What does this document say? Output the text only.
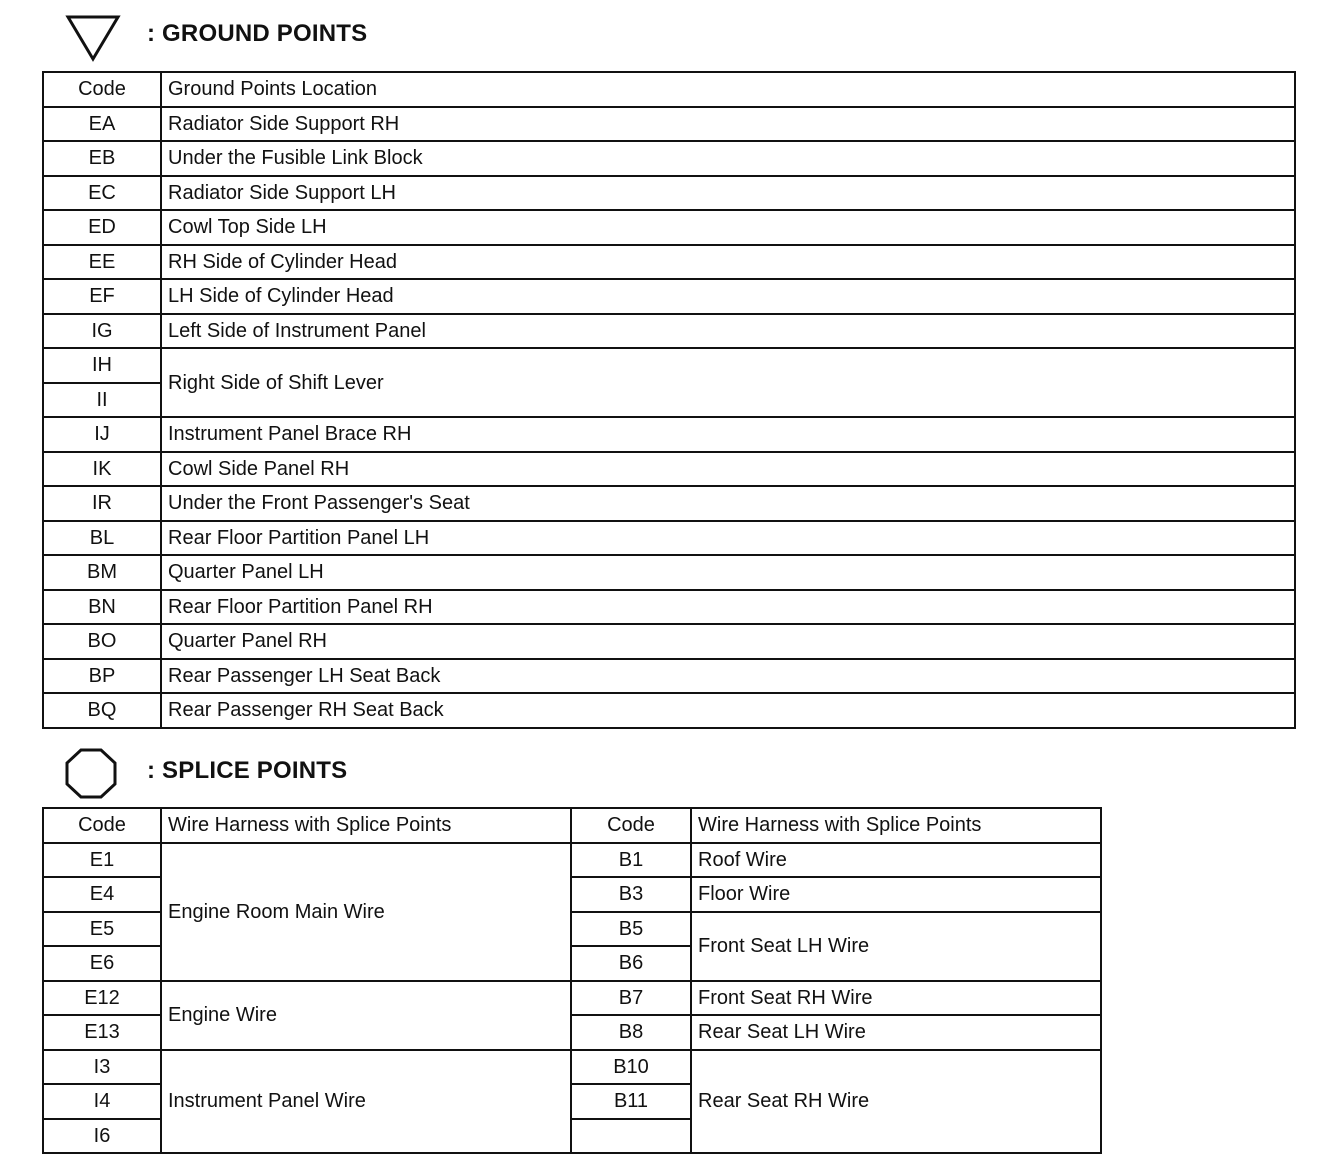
: GROUND POINTS
Code	Ground Points Location
EA	Radiator Side Support RH
EB	Under the Fusible Link Block
EC	Radiator Side Support LH
ED	Cowl Top Side LH
EE	RH Side of Cylinder Head
EF	LH Side of Cylinder Head
IG	Left Side of Instrument Panel
IH	Right Side of Shift Lever
II	
IJ	Instrument Panel Brace RH
IK	Cowl Side Panel RH
IR	Under the Front Passenger's Seat
BL	Rear Floor Partition Panel LH
BM	Quarter Panel LH
BN	Rear Floor Partition Panel RH
BO	Quarter Panel RH
BP	Rear Passenger LH Seat Back
BQ	Rear Passenger RH Seat Back
: SPLICE POINTS
Code	Wire Harness with Splice Points
E1	Engine Room Main Wire
E4	
E5	
E6	
E12	Engine Wire
E13	
I3	Instrument Panel Wire
I4	
I6	
Code	Wire Harness with Splice Points
B1	Roof Wire
B3	Floor Wire
B5	Front Seat LH Wire
B6	
B7	Front Seat RH Wire
B8	Rear Seat LH Wire
B10	Rear Seat RH Wire
B11	
